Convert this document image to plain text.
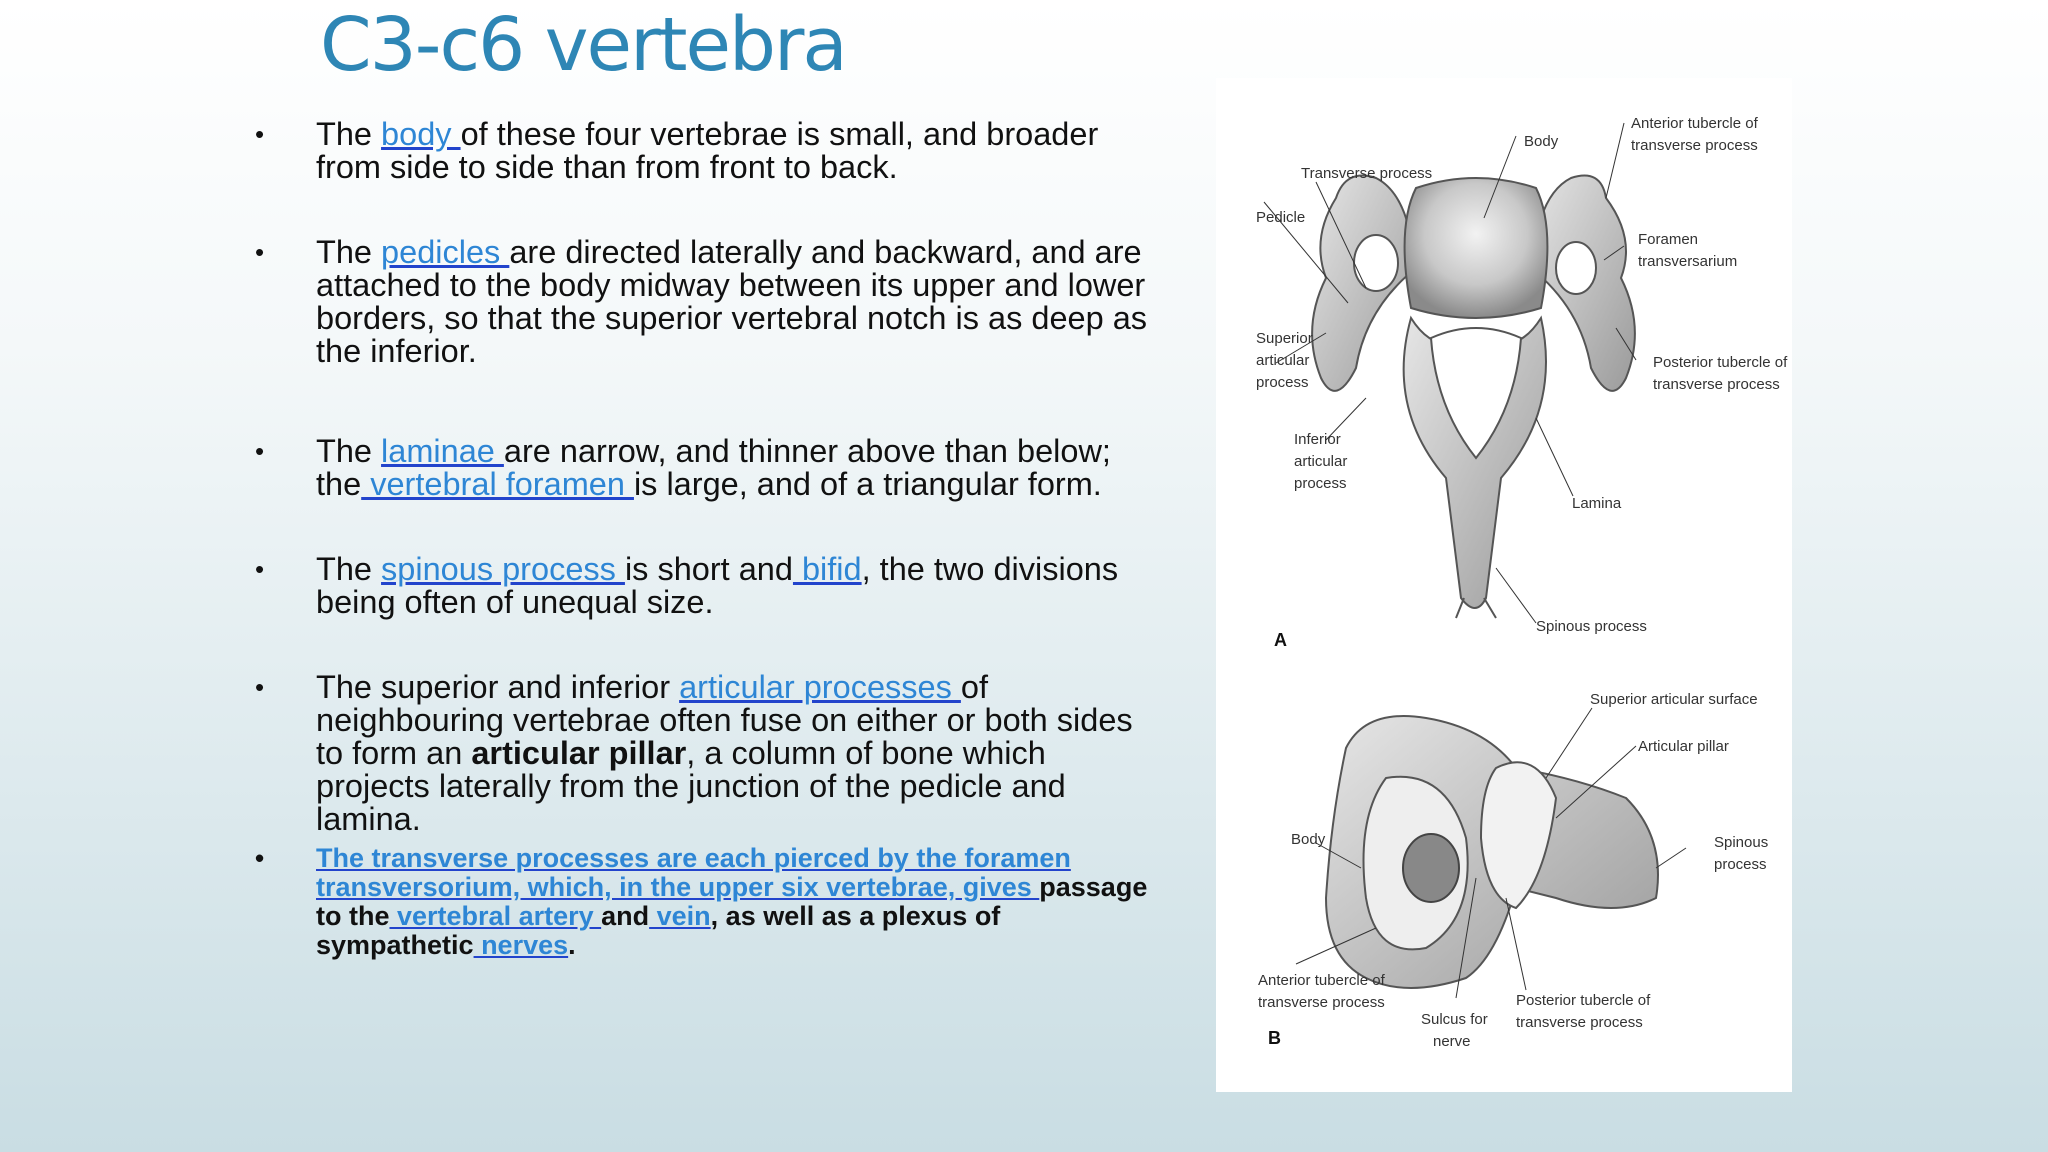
C3-c6 vertebra
• The body of these four vertebrae is small, and broader from side to side than from front to back.
• The pedicles are directed laterally and backward, and are attached to the body midway between its upper and lower borders, so that the superior vertebral notch is as deep as the inferior.
• The laminae are narrow, and thinner above than below; the vertebral foramen is large, and of a triangular form.
• The spinous process is short and bifid, the two divisions being often of unequal size.
• The superior and inferior articular processes of neighbouring vertebrae often fuse on either or both sides to form an articular pillar, a column of bone which projects laterally from the junction of the pedicle and lamina.
• The transverse processes are each pierced by the foramen transversorium, which, in the upper six vertebrae, gives passage to the vertebral artery and vein, as well as a plexus of sympathetic nerves.
Body
Anterior tubercle of
transverse process
Transverse process
Pedicle
Foramen
transversarium
Superior
articular
process
Posterior tubercle of
transverse process
Inferior
articular
process
Lamina
Spinous process
A
Superior articular surface
Articular pillar
Body	Spinous
process
Anterior tubercle of
transverse process	Posterior tubercle of
transverse process
Sulcus for
nerve
B
